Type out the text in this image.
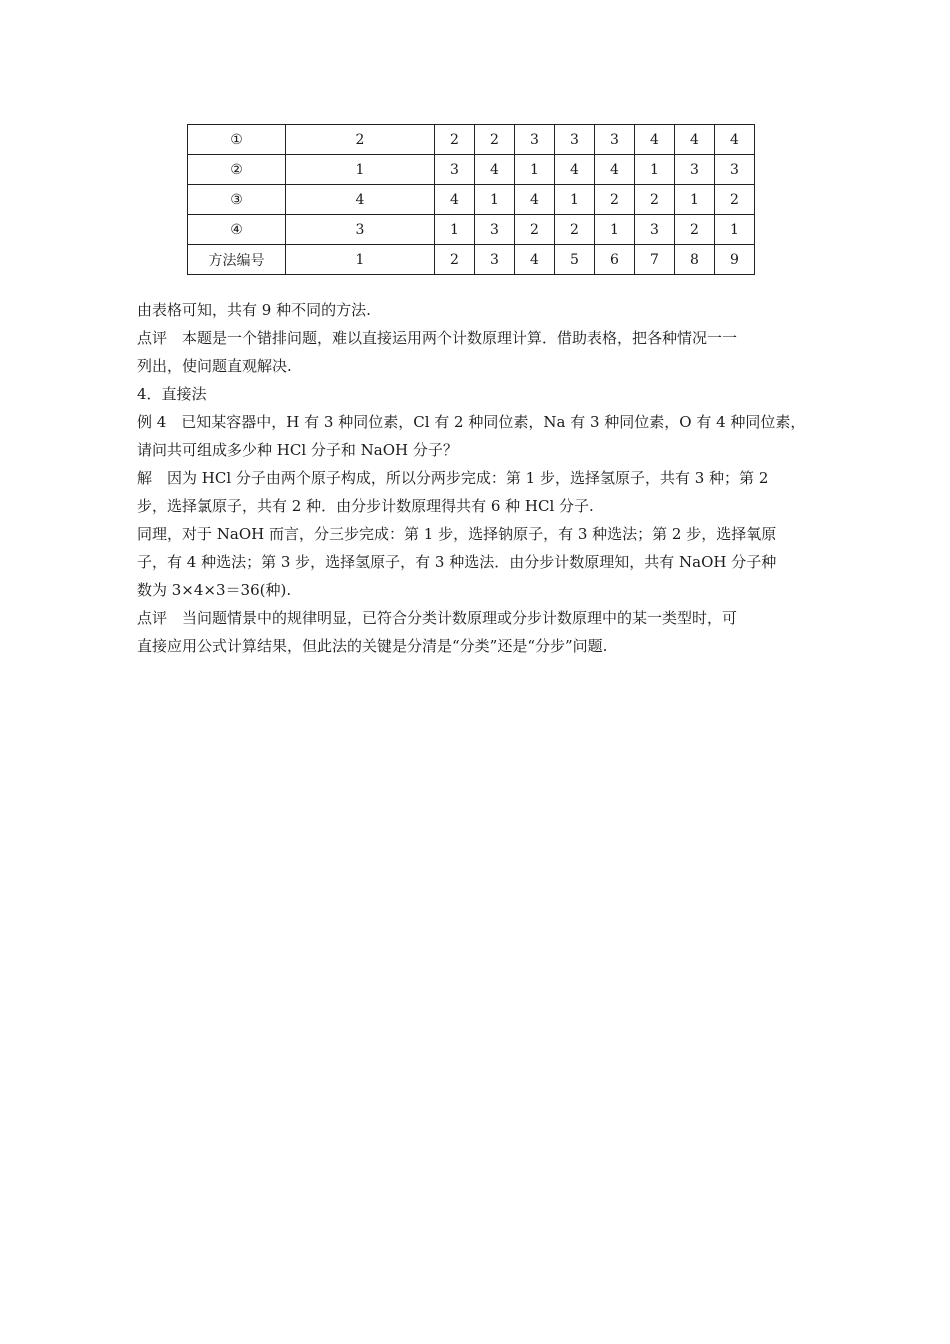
①	2	2	2	3	3	3	4	4	4
②	1	3	4	1	4	4	1	3	3
③	4	4	1	4	1	2	2	1	2
④	3	1	3	2	2	1	3	2	1
方法编号	1	2	3	4	5	6	7	8	9

由表格可知，共有 9 种不同的方法.

点评　本题是一个错排问题，难以直接运用两个计数原理计算．借助表格，把各种情况一一

列出，使问题直观解决.

4．直接法

例 4　已知某容器中，H 有 3 种同位素，Cl 有 2 种同位素，Na 有 3 种同位素，O 有 4 种同位素，

请问共可组成多少种 HCl 分子和 NaOH 分子？

解　因为 HCl 分子由两个原子构成，所以分两步完成：第 1 步，选择氢原子，共有 3 种；第 2

步，选择氯原子，共有 2 种．由分步计数原理得共有 6 种 HCl 分子.

同理，对于 NaOH 而言，分三步完成：第 1 步，选择钠原子，有 3 种选法；第 2 步，选择氧原

子，有 4 种选法；第 3 步，选择氢原子，有 3 种选法．由分步计数原理知，共有 NaOH 分子种

数为 3×4×3＝36(种).

点评　当问题情景中的规律明显，已符合分类计数原理或分步计数原理中的某一类型时，可

直接应用公式计算结果，但此法的关键是分清是“分类”还是“分步”问题.
